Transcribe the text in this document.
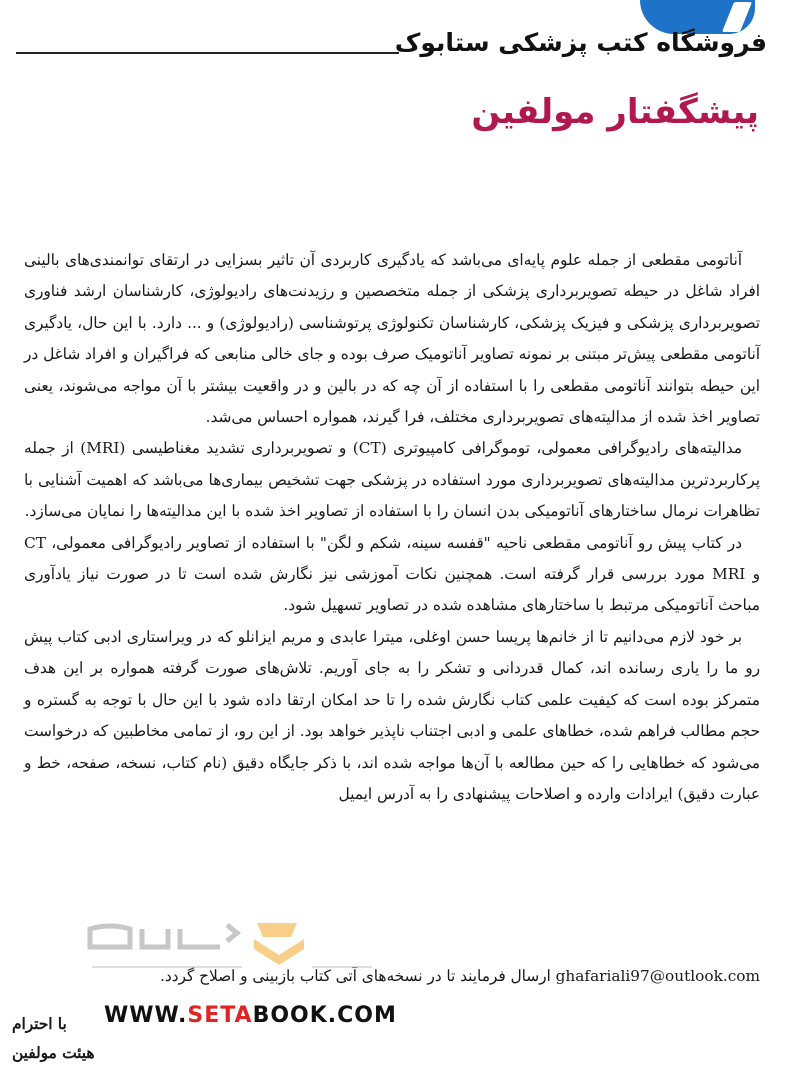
فروشگاه کتب پزشکی ستابوک
پیشگفتار مولفین

آناتومی مقطعی از جمله علوم پایه‌ای می‌باشد که یادگیری کاربردی آن تاثیر بسزایی در ارتقای توانمندی‌های بالینی افراد شاغل در حیطه تصویربرداری پزشکی از جمله متخصصین و رزیدنت‌های رادیولوژی، کارشناسان ارشد فناوری تصویربرداری پزشکی و فیزیک پزشکی، کارشناسان تکنولوژی پرتوشناسی (رادیولوژی) و ... دارد. با این حال، یادگیری آناتومی مقطعی پیش‌تر مبتنی بر نمونه تصاویر آناتومیک صرف بوده و جای خالی منابعی که فراگیران و افراد شاغل در این حیطه بتوانند آناتومی مقطعی را با استفاده از آن چه که در بالین و در واقعیت بیشتر با آن مواجه می‌شوند، یعنی تصاویر اخذ شده از مدالیته‌های تصویربرداری مختلف، فرا گیرند، همواره احساس می‌شد.

مدالیته‌های رادیوگرافی معمولی، توموگرافی کامپیوتری (CT) و تصویربرداری تشدید مغناطیسی (MRI) از جمله پرکاربردترین مدالیته‌های تصویربرداری مورد استفاده در پزشکی جهت تشخیص بیماری‌ها می‌باشد که اهمیت آشنایی با تظاهرات نرمال ساختارهای آناتومیکی بدن انسان را با استفاده از تصاویر اخذ شده با این مدالیته‌ها را نمایان می‌سازد.

در کتاب پیش رو آناتومی مقطعی ناحیه "قفسه سینه، شکم و لگن" با استفاده از تصاویر رادیوگرافی معمولی، CT و MRI مورد بررسی قرار گرفته است. همچنین نکات آموزشی نیز نگارش شده است تا در صورت نیاز یادآوری مباحث آناتومیکی مرتبط با ساختارهای مشاهده شده در تصاویر تسهیل شود.

بر خود لازم می‌دانیم تا از خانم‌ها پریسا حسن اوغلی، میترا عابدی و مریم ایزانلو که در ویراستاری ادبی کتاب پیش رو ما را یاری رسانده اند، کمال قدردانی و تشکر را به جای آوریم. تلاش‌های صورت گرفته همواره بر این هدف متمرکز بوده است که کیفیت علمی کتاب نگارش شده را تا حد امکان ارتقا داده شود با این حال با توجه به گستره و حجم مطالب فراهم شده، خطاهای علمی و ادبی اجتناب ناپذیر خواهد بود. از این رو، از تمامی مخاطبین که درخواست می‌شود که خطاهایی را که حین مطالعه با آن‌ها مواجه شده اند، با ذکر جایگاه دقیق (نام کتاب، نسخه، صفحه، خط و عبارت دقیق) ایرادات وارده و اصلاحات پیشنهادی را به آدرس ایمیل

ghafariali97@outlook.com ارسال فرمایند تا در نسخه‌های آتی کتاب بازبینی و اصلاح گردد.
WWW.SETABOOK.COM
با احترام
هیئت مولفین
